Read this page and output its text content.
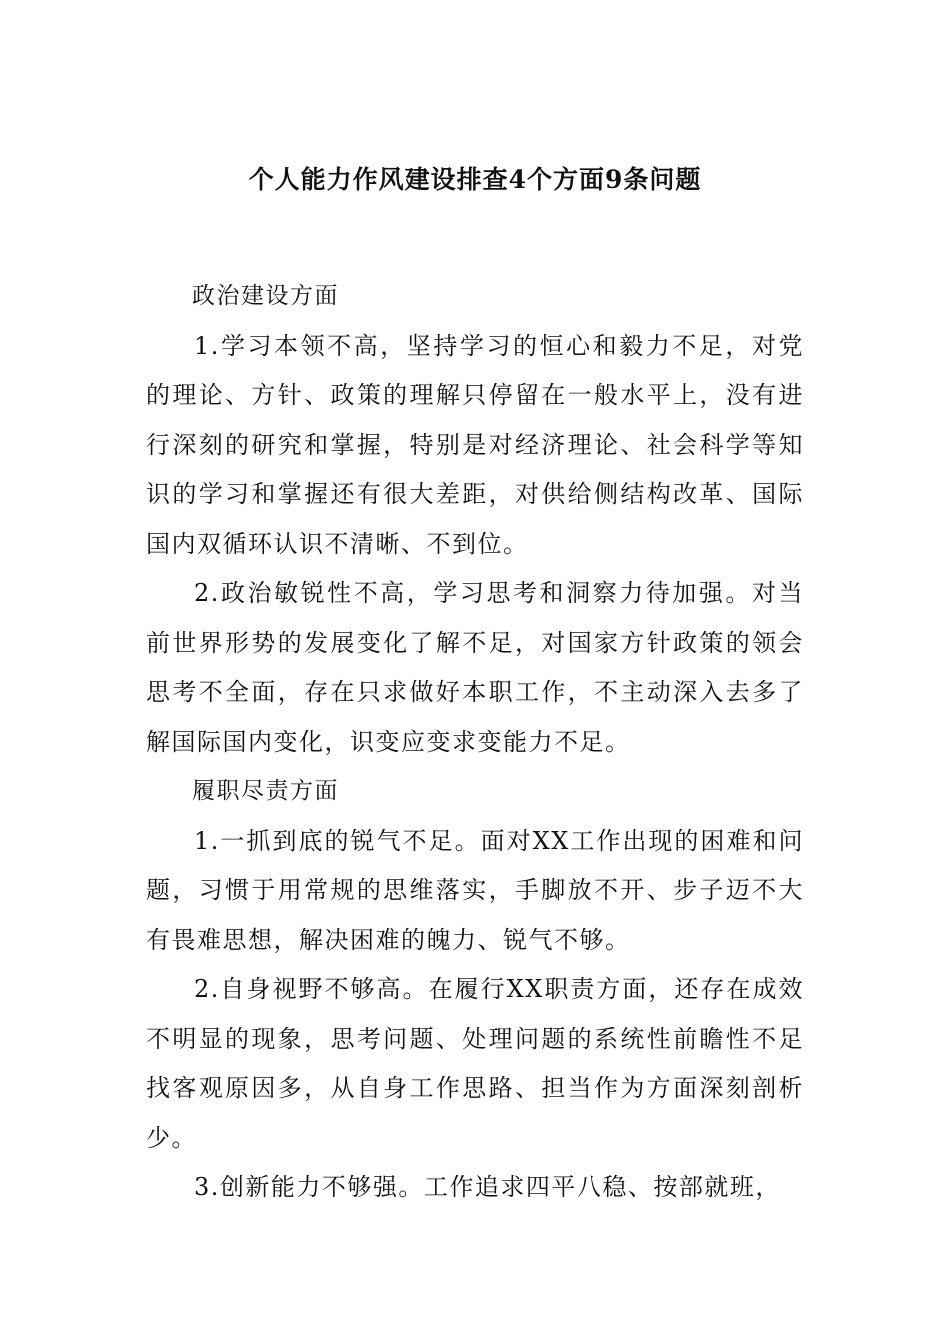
个人能力作风建设排查4个方面9条问题

政治建设方面

1.学习本领不高，坚持学习的恒心和毅力不足，对党的理论、方针、政策的理解只停留在一般水平上，没有进行深刻的研究和掌握，特别是对经济理论、社会科学等知识的学习和掌握还有很大差距，对供给侧结构改革、国际国内双循环认识不清晰、不到位。

2.政治敏锐性不高，学习思考和洞察力待加强。对当前世界形势的发展变化了解不足，对国家方针政策的领会思考不全面，存在只求做好本职工作，不主动深入去多了解国际国内变化，识变应变求变能力不足。

履职尽责方面

1.一抓到底的锐气不足。面对XX工作出现的困难和问题，习惯于用常规的思维落实，手脚放不开、步子迈不大有畏难思想，解决困难的魄力、锐气不够。

2.自身视野不够高。在履行XX职责方面，还存在成效不明显的现象，思考问题、处理问题的系统性前瞻性不足找客观原因多，从自身工作思路、担当作为方面深刻剖析少。

3.创新能力不够强。工作追求四平八稳、按部就班，
